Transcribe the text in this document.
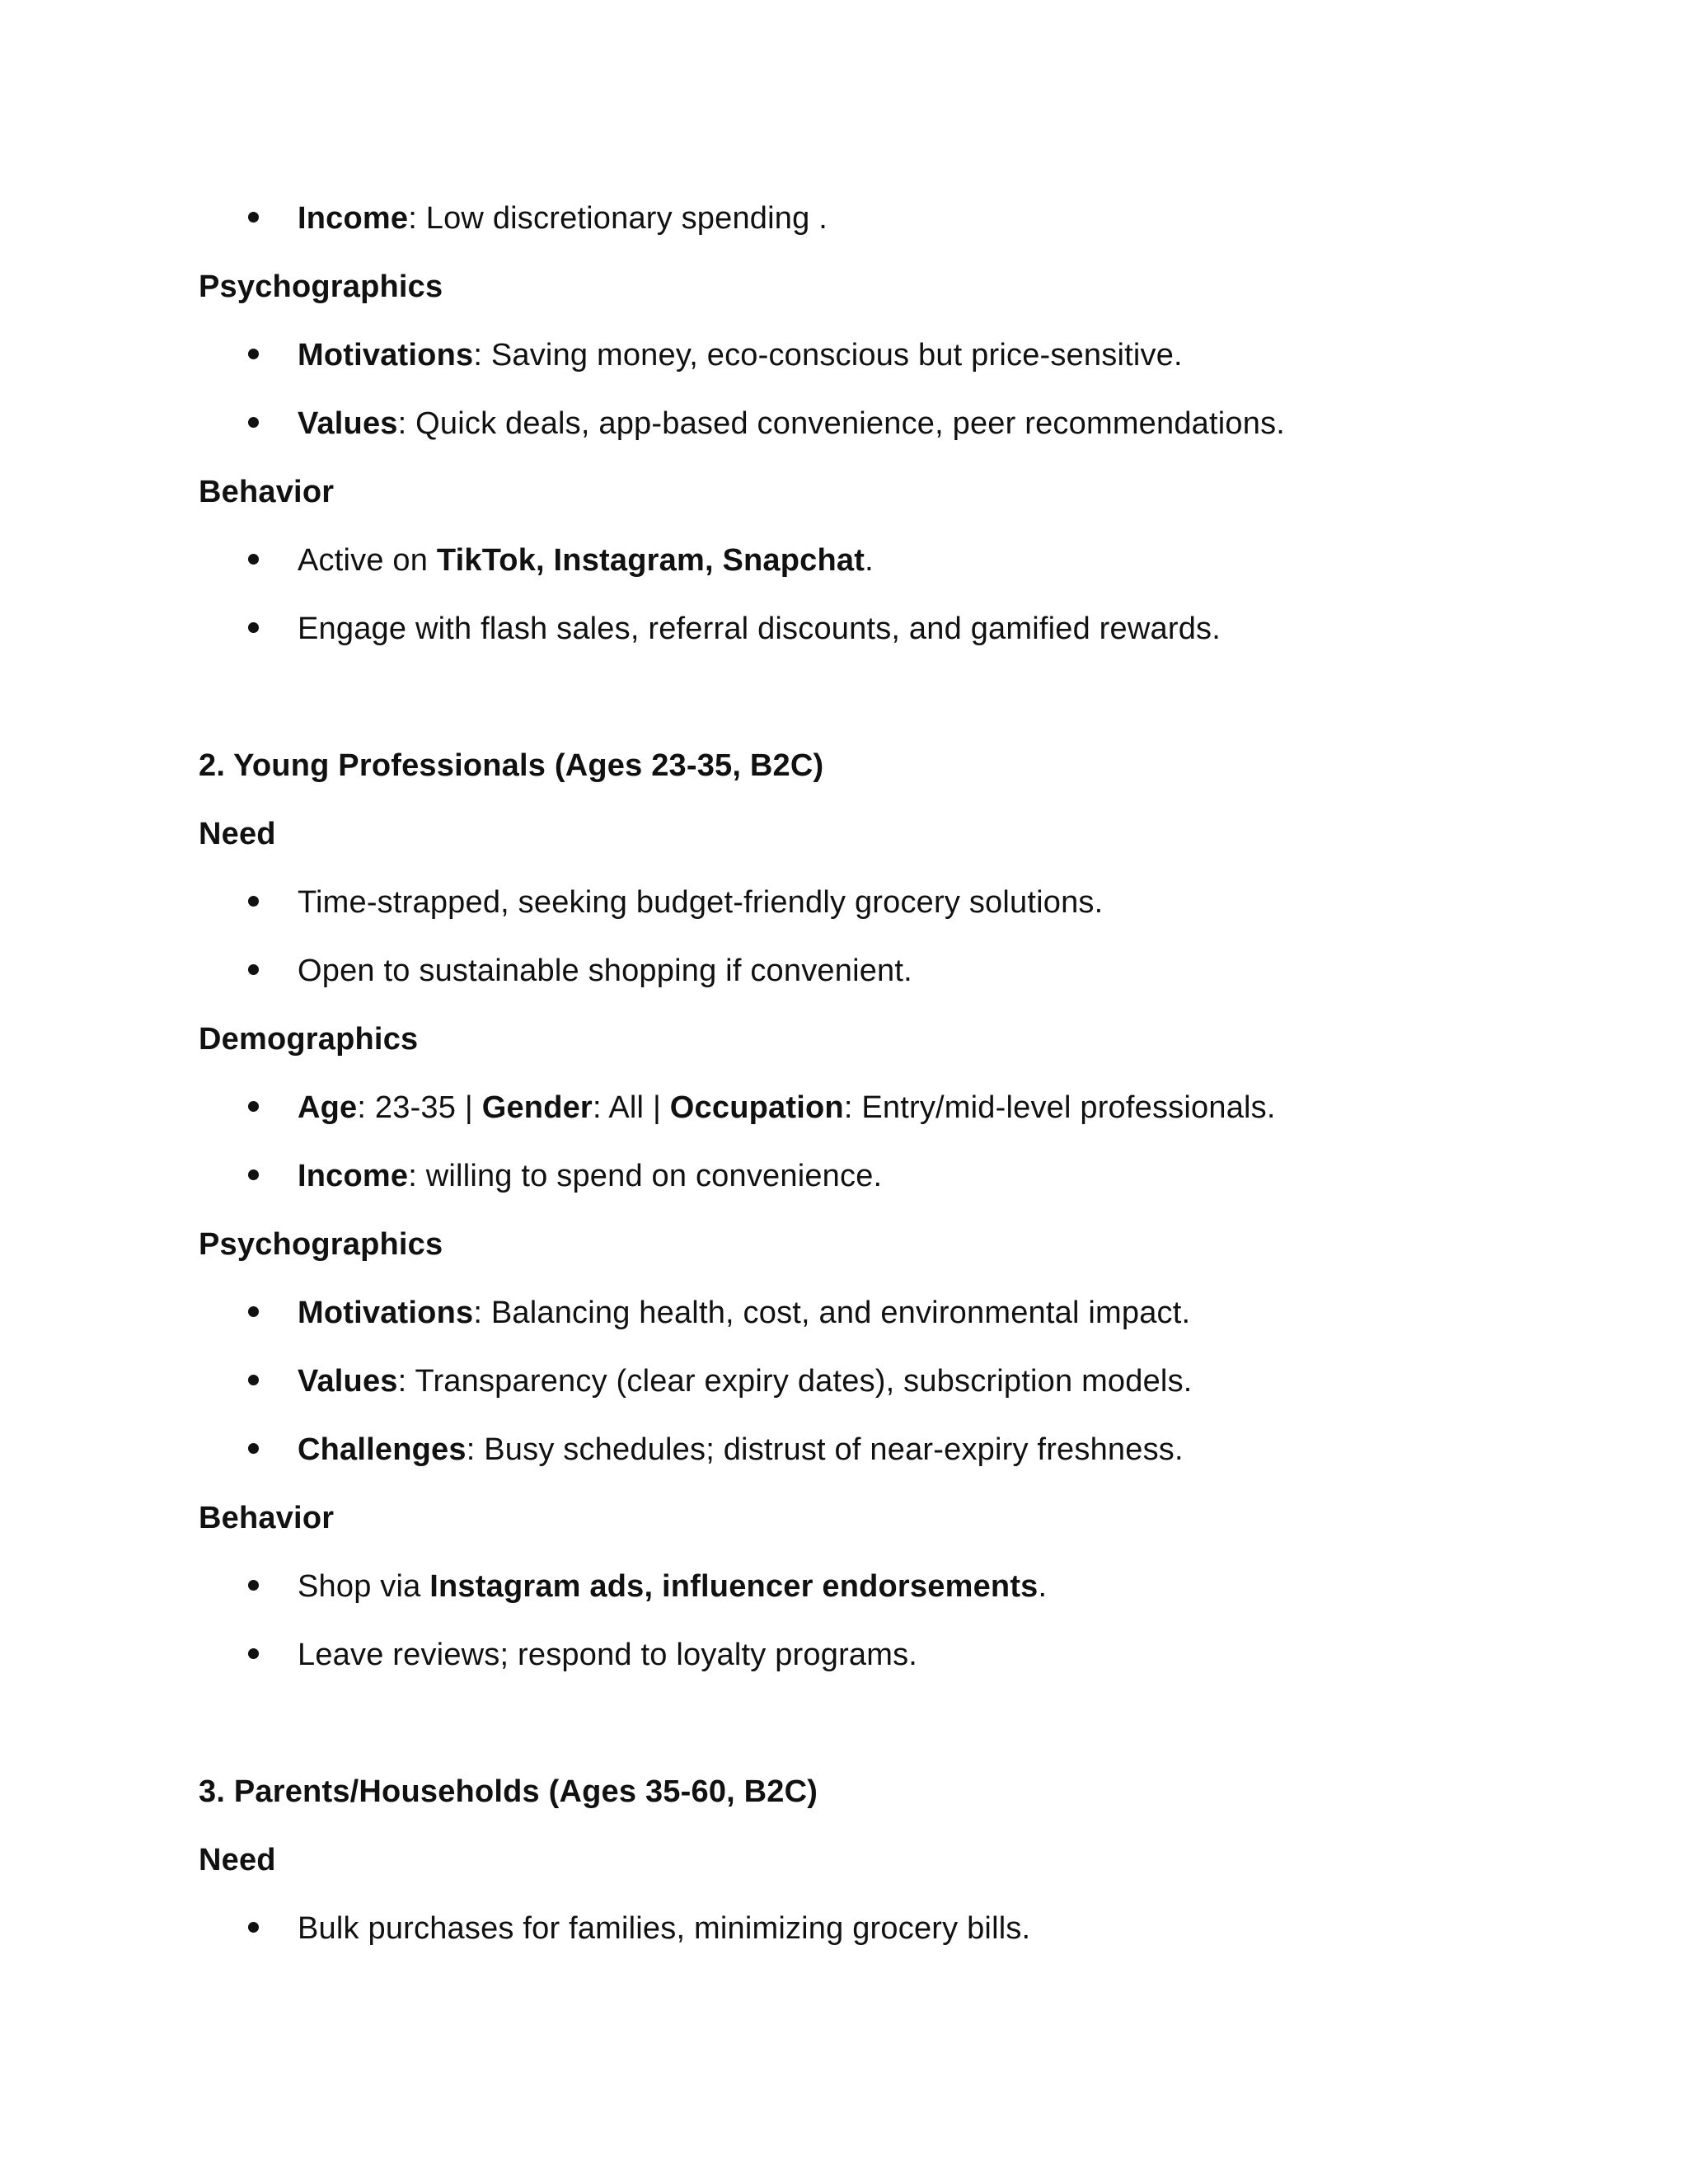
Income: Low discretionary spending .
Psychographics
Motivations: Saving money, eco-conscious but price-sensitive.
Values: Quick deals, app-based convenience, peer recommendations.
Behavior
Active on TikTok, Instagram, Snapchat.
Engage with flash sales, referral discounts, and gamified rewards.
2. Young Professionals (Ages 23-35, B2C)
Need
Time-strapped, seeking budget-friendly grocery solutions.
Open to sustainable shopping if convenient.
Demographics
Age: 23-35 | Gender: All | Occupation: Entry/mid-level professionals.
Income: willing to spend on convenience.
Psychographics
Motivations: Balancing health, cost, and environmental impact.
Values: Transparency (clear expiry dates), subscription models.
Challenges: Busy schedules; distrust of near-expiry freshness.
Behavior
Shop via Instagram ads, influencer endorsements.
Leave reviews; respond to loyalty programs.
3. Parents/Households (Ages 35-60, B2C)
Need
Bulk purchases for families, minimizing grocery bills.
